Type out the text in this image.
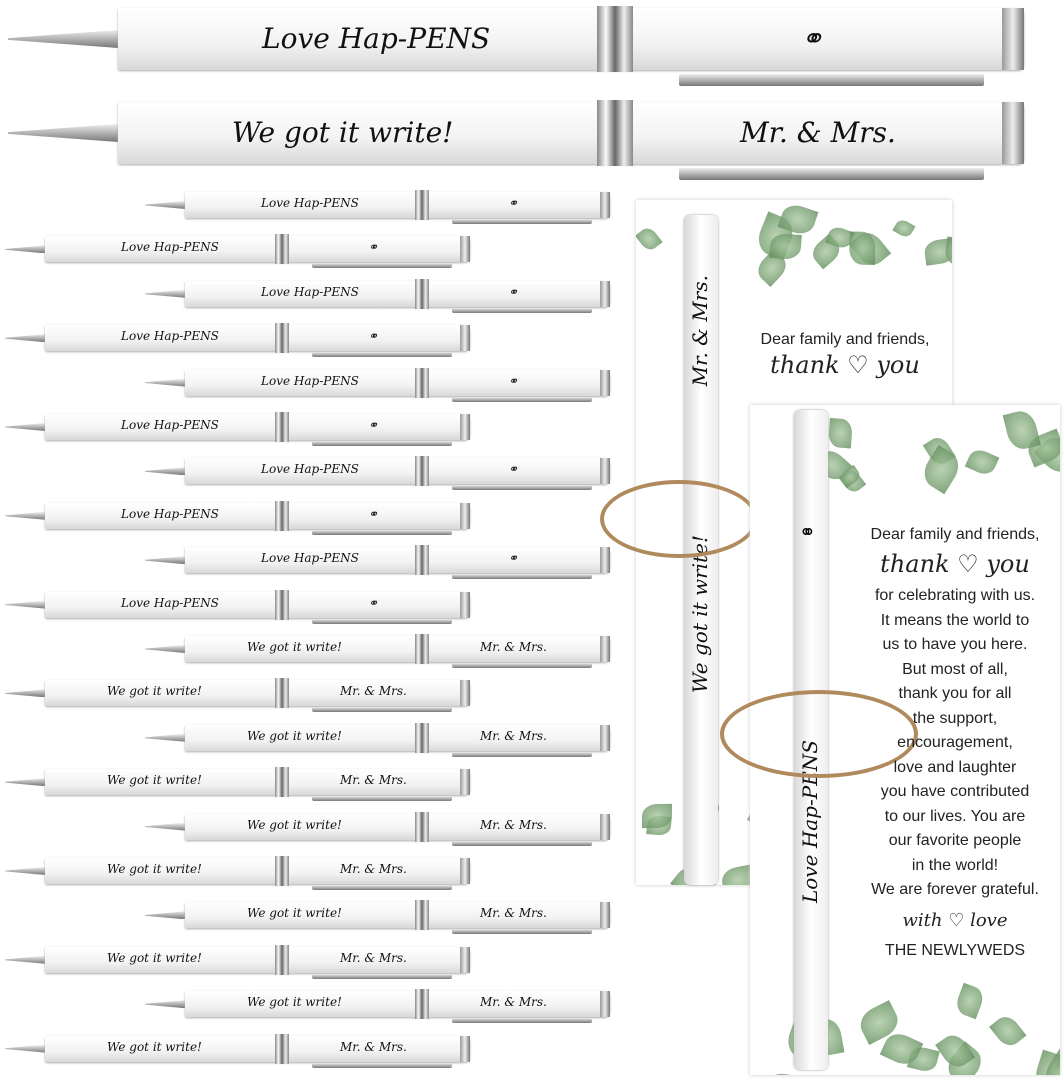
Love Hap-PENS	⚭
We got it write!	Mr. & Mrs.
Love Hap-PENS	⚭
Love Hap-PENS	⚭
Love Hap-PENS	⚭
Love Hap-PENS	⚭
Love Hap-PENS	⚭
Love Hap-PENS	⚭
Love Hap-PENS	⚭
Love Hap-PENS	⚭
Love Hap-PENS	⚭
Love Hap-PENS	⚭
We got it write!	Mr. & Mrs.
We got it write!	Mr. & Mrs.
We got it write!	Mr. & Mrs.
We got it write!	Mr. & Mrs.
We got it write!	Mr. & Mrs.
We got it write!	Mr. & Mrs.
We got it write!	Mr. & Mrs.
We got it write!	Mr. & Mrs.
We got it write!	Mr. & Mrs.
We got it write!	Mr. & Mrs.
Dear family and friends,
thank ♡ you
Mr. & Mrs.
We got it write!
Dear family and friends,
thank ♡ you
for celebrating with us.
It means the world to
us to have you here.
But most of all,
thank you for all
the support,
encouragement,
love and laughter
you have contributed
to our lives. You are
our favorite people
in the world!
We are forever grateful.
with ♡ love
THE NEWLYWEDS
⚭
Love Hap-PENS
